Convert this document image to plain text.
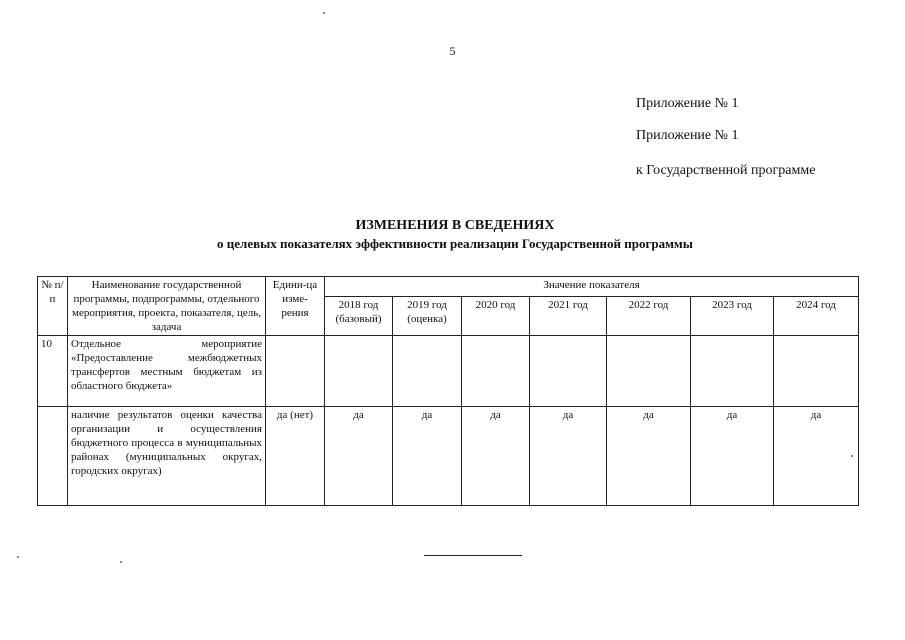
5
Приложение № 1
Приложение № 1
к Государственной программе
ИЗМЕНЕНИЯ В СВЕДЕНИЯХ
о целевых показателях эффективности реализации Государственной программы
№ п/п	Наименование государственной программы, подпрограммы, отдельного мероприятия, проекта, показателя, цель, задача	Едини-ца изме-рения	Значение показателя						
			2018 год (базовый)	2019 год (оценка)	2020 год	2021 год	2022 год	2023 год	2024 год
10	Отдельное мероприятие «Предоставление межбюджетных трансфертов местным бюджетам из областного бюджета»								
	наличие результатов оценки качества организации и осуществления бюджетного процесса в муниципальных районах (муниципальных округах, городских округах)	да (нет)	да	да	да	да	да	да	да
